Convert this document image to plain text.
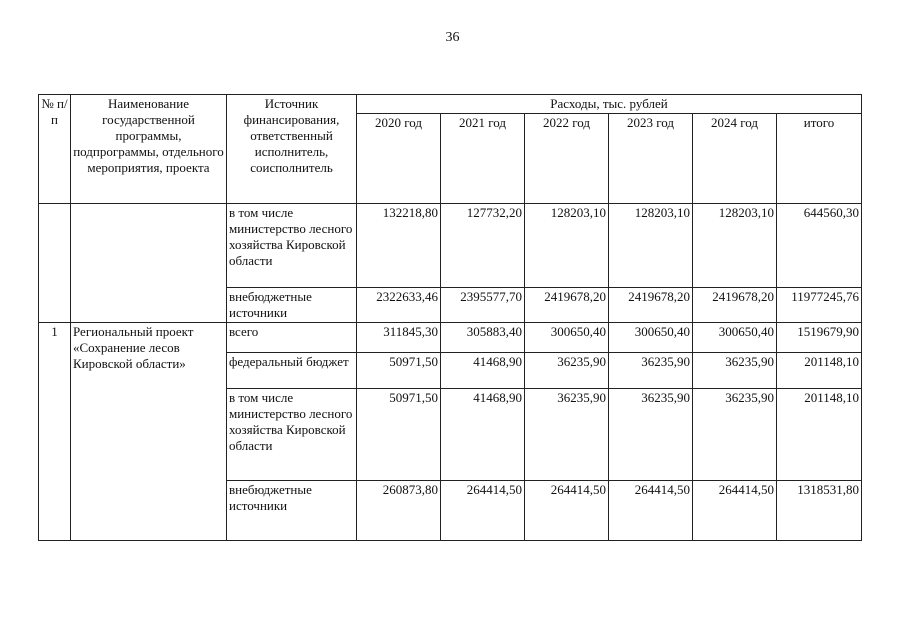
36
№ п/п	Наименование государственной программы, подпрограммы, отдельного мероприятия, проекта	Источник финансирования, ответственный исполнитель, соисполнитель	Расходы, тыс. рублей					
			2020 год	2021 год	2022 год	2023 год	2024 год	итого
		в том числе министерство лесного хозяйства Кировской области	132218,80	127732,20	128203,10	128203,10	128203,10	644560,30
		внебюджетные источники	2322633,46	2395577,70	2419678,20	2419678,20	2419678,20	11977245,76
1	Региональный проект «Сохранение лесов Кировской области»	всего	311845,30	305883,40	300650,40	300650,40	300650,40	1519679,90
		федеральный бюджет	50971,50	41468,90	36235,90	36235,90	36235,90	201148,10
		в том числе министерство лесного хозяйства Кировской области	50971,50	41468,90	36235,90	36235,90	36235,90	201148,10
		внебюджетные источники	260873,80	264414,50	264414,50	264414,50	264414,50	1318531,80
